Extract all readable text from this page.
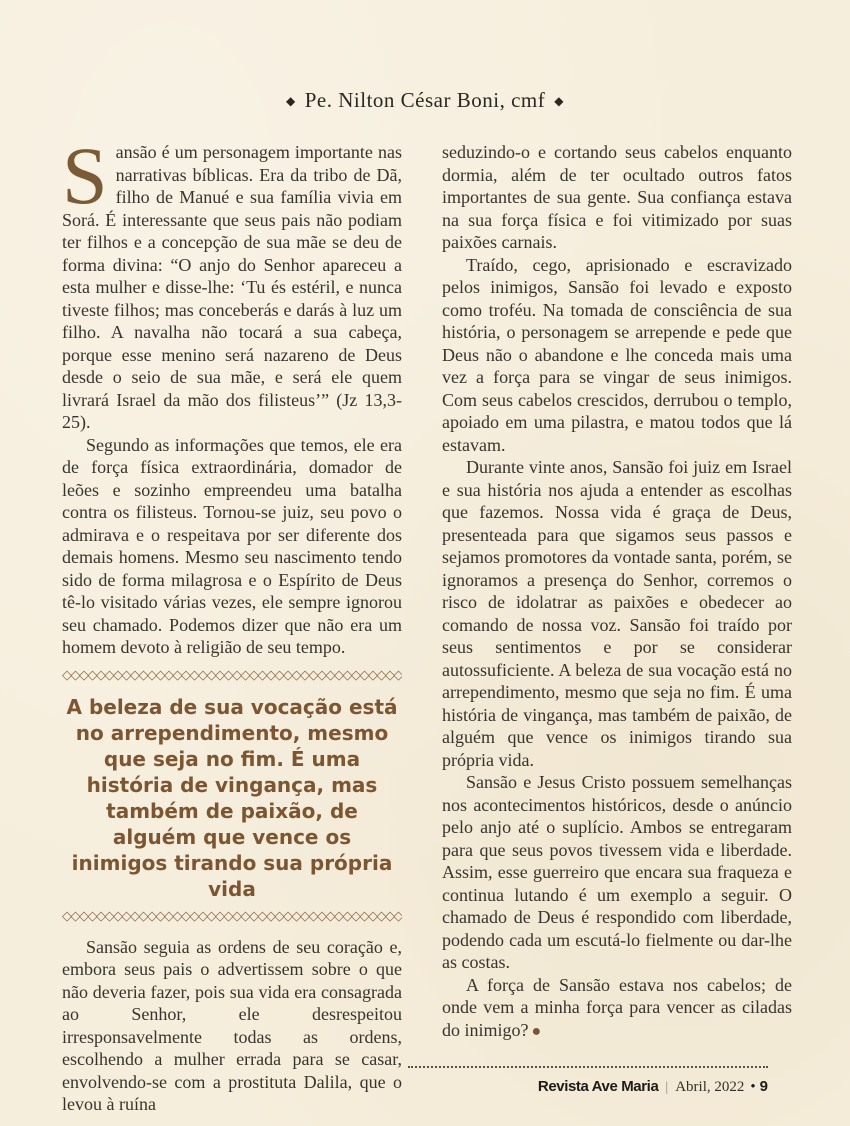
◆ Pe. Nilton César Boni, cmf ◆

Sansão é um personagem importante nas narrativas bíblicas. Era da tribo de Dã, filho de Manué e sua família vivia em Sorá. É interessante que seus pais não podiam ter filhos e a concepção de sua mãe se deu de forma divina: “O anjo do Senhor apareceu a esta mulher e disse-lhe: ‘Tu és estéril, e nunca tiveste filhos; mas conceberás e darás à luz um filho. A navalha não tocará a sua cabeça, porque esse menino será nazareno de Deus desde o seio de sua mãe, e será ele quem livrará Israel da mão dos filisteus’” (Jz 13,3-25).

Segundo as informações que temos, ele era de força física extraordinária, domador de leões e sozinho empreendeu uma batalha contra os filisteus. Tornou-se juiz, seu povo o admirava e o respeitava por ser diferente dos demais homens. Mesmo seu nascimento tendo sido de forma milagrosa e o Espírito de Deus tê-lo visitado várias vezes, ele sempre ignorou seu chamado. Podemos dizer que não era um homem devoto à religião de seu tempo.

◇◇◇◇◇◇◇◇◇◇◇◇◇◇◇◇◇◇◇◇◇◇◇◇◇◇◇◇◇◇◇◇◇◇◇◇◇◇◇◇
A beleza de sua vocação está no arrependimento, mesmo que seja no fim. É uma história de vingança, mas também de paixão, de alguém que vence os inimigos tirando sua própria vida
◇◇◇◇◇◇◇◇◇◇◇◇◇◇◇◇◇◇◇◇◇◇◇◇◇◇◇◇◇◇◇◇◇◇◇◇◇◇◇◇

Sansão seguia as ordens de seu coração e, embora seus pais o advertissem sobre o que não deveria fazer, pois sua vida era consagrada ao Senhor, ele desrespeitou irresponsavelmente todas as ordens, escolhendo a mulher errada para se casar, envolvendo-se com a prostituta Dalila, que o levou à ruína

seduzindo-o e cortando seus cabelos enquanto dormia, além de ter ocultado outros fatos importantes de sua gente. Sua confiança estava na sua força física e foi vitimizado por suas paixões carnais.

Traído, cego, aprisionado e escravizado pelos inimigos, Sansão foi levado e exposto como troféu. Na tomada de consciência de sua história, o personagem se arrepende e pede que Deus não o abandone e lhe conceda mais uma vez a força para se vingar de seus inimigos. Com seus cabelos crescidos, derrubou o templo, apoiado em uma pilastra, e matou todos que lá estavam.

Durante vinte anos, Sansão foi juiz em Israel e sua história nos ajuda a entender as escolhas que fazemos. Nossa vida é graça de Deus, presenteada para que sigamos seus passos e sejamos promotores da vontade santa, porém, se ignoramos a presença do Senhor, corremos o risco de idolatrar as paixões e obedecer ao comando de nossa voz. Sansão foi traído por seus sentimentos e por se considerar autossuficiente. A beleza de sua vocação está no arrependimento, mesmo que seja no fim. É uma história de vingança, mas também de paixão, de alguém que vence os inimigos tirando sua própria vida.

Sansão e Jesus Cristo possuem semelhanças nos acontecimentos históricos, desde o anúncio pelo anjo até o suplício. Ambos se entregaram para que seus povos tivessem vida e liberdade. Assim, esse guerreiro que encara sua fraqueza e continua lutando é um exemplo a seguir. O chamado de Deus é respondido com liberdade, podendo cada um escutá-lo fielmente ou dar-lhe as costas.

A força de Sansão estava nos cabelos; de onde vem a minha força para vencer as ciladas do inimigo? ●

Revista Ave Maria | Abril, 2022 • 9
